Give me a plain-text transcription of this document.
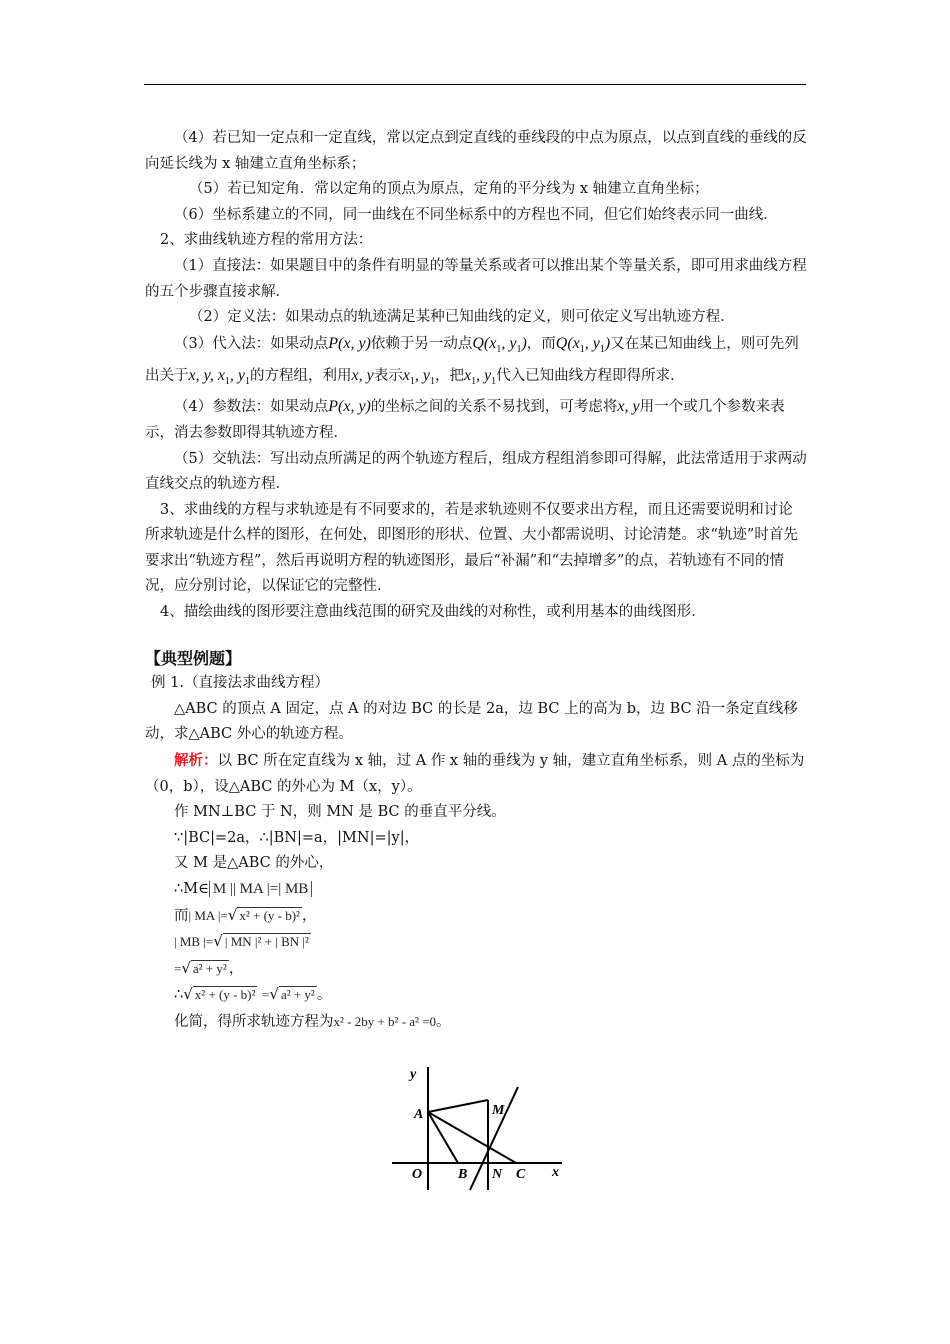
（4）若已知一定点和一定直线，常以定点到定直线的垂线段的中点为原点，以点到直线的垂线的反向延长线为 x 轴建立直角坐标系；

（5）若已知定角．常以定角的顶点为原点，定角的平分线为 x 轴建立直角坐标；

（6）坐标系建立的不同，同一曲线在不同坐标系中的方程也不同，但它们始终表示同一曲线．

2、求曲线轨迹方程的常用方法：

（1）直接法：如果题目中的条件有明显的等量关系或者可以推出某个等量关系，即可用求曲线方程的五个步骤直接求解．

（2）定义法：如果动点的轨迹满足某种已知曲线的定义，则可依定义写出轨迹方程．

（3）代入法：如果动点P(x, y)依赖于另一动点$Q(x_1$, $y_1$)，而$Q(x_1$, $y_1$)又在某已知曲线上，则可先列出关于x, y, $x_1$, $y_1$的方程组，利用x, y表示$x_1$, $y_1$，把$x_1$, $y_1$代入已知曲线方程即得所求．

（4）参数法：如果动点P(x, y)的坐标之间的关系不易找到，可考虑将x, y用一个或几个参数来表示，消去参数即得其轨迹方程．

（5）交轨法：写出动点所满足的两个轨迹方程后，组成方程组消参即可得解，此法常适用于求两动直线交点的轨迹方程．

3、求曲线的方程与求轨迹是有不同要求的，若是求轨迹则不仅要求出方程，而且还需要说明和讨论所求轨迹是什么样的图形，在何处，即图形的形状、位置、大小都需说明、讨论清楚。求“轨迹”时首先要求出“轨迹方程”，然后再说明方程的轨迹图形，最后“补漏”和“去掉增多”的点，若轨迹有不同的情况，应分别讨论，以保证它的完整性．

4、描绘曲线的图形要注意曲线范围的研究及曲线的对称性，或利用基本的曲线图形．

【典型例题】

例 1.（直接法求曲线方程）

△ABC 的顶点 A 固定，点 A 的对边 BC 的长是 2a，边 BC 上的高为 b，边 BC 沿一条定直线移动，求△ABC 外心的轨迹方程。

解析：以 BC 所在定直线为 x 轴，过 A 作 x 轴的垂线为 y 轴，建立直角坐标系，则 A 点的坐标为（0，b），设△ABC 的外心为 M（x，y）。

作 MN⊥BC 于 N，则 MN 是 BC 的垂直平分线。

∵|BC|=2a，∴|BN|=a，|MN|=|y|，

又 M 是△ABC 的外心，

∴M∈ M || MA |=| MB

而| MA |=√ x² + (y - b)² ，

| MB |=√ | MN |² + | BN |²

=√ a² + y² ，

∴√ x² + (y - b)² =√ a² + y² 。

化简，得所求轨迹方程为x² - 2by + b² - a² =0。

y
x
A	M
O	B N C
